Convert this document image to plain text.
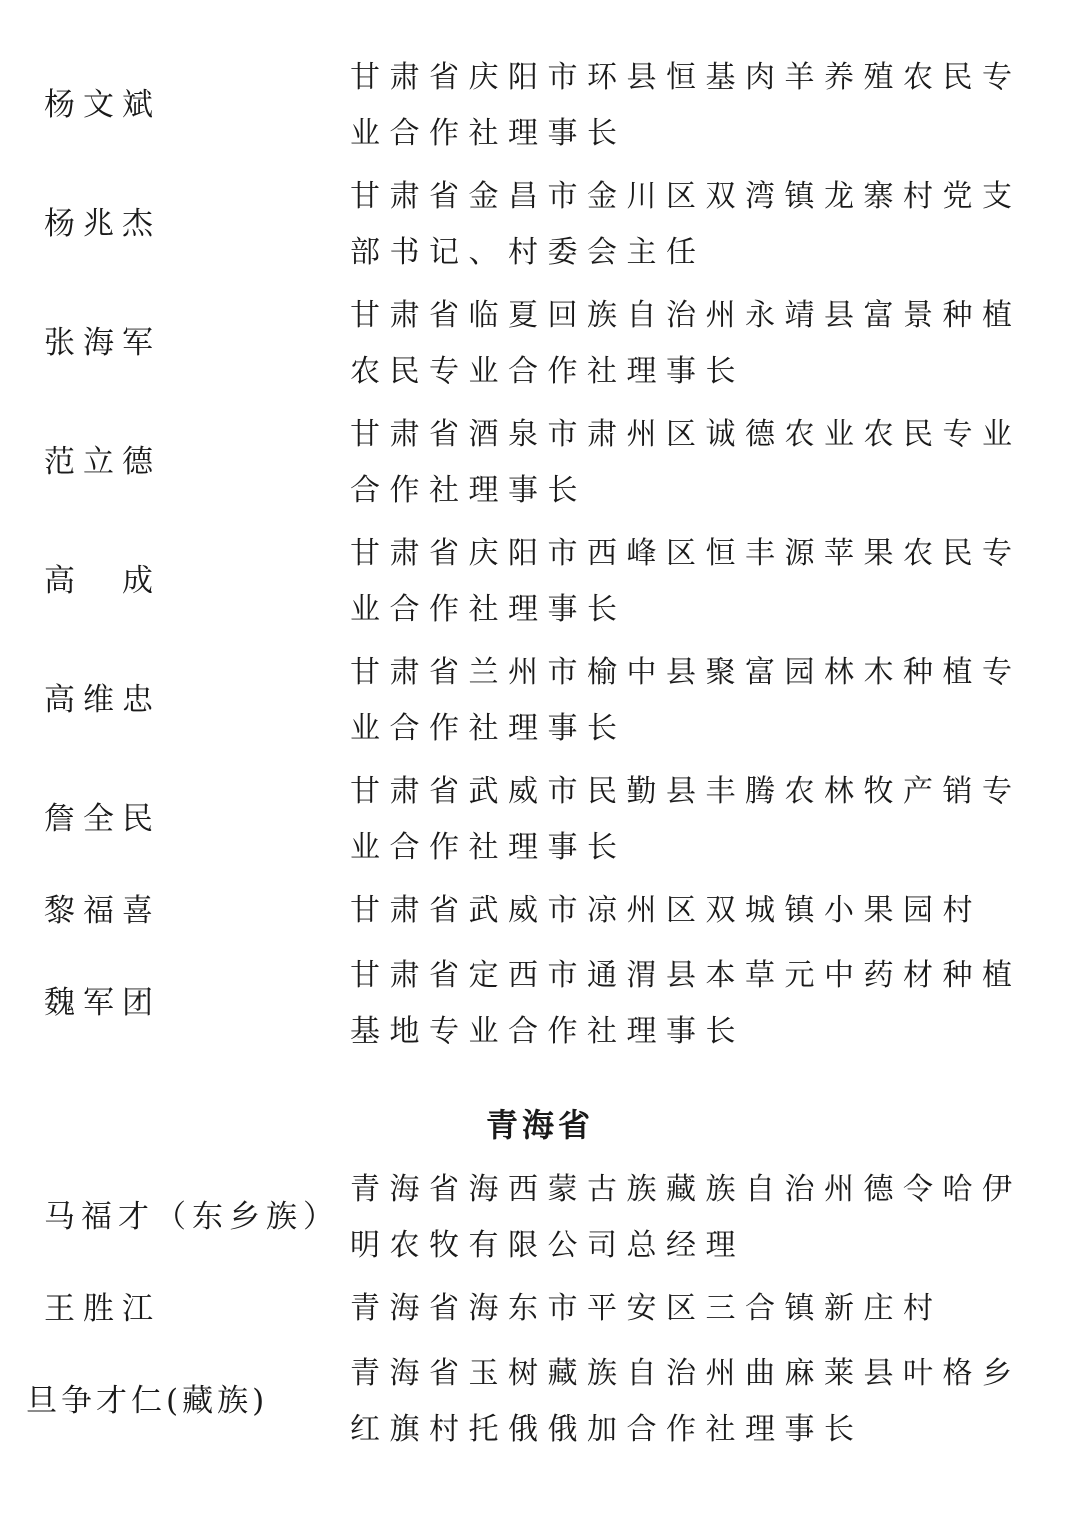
杨文斌
甘肃省庆阳市环县恒基肉羊养殖农民专业合作社理事长
杨兆杰
甘肃省金昌市金川区双湾镇龙寨村党支部书记、村委会主任
张海军
甘肃省临夏回族自治州永靖县富景种植农民专业合作社理事长
范立德
甘肃省酒泉市肃州区诚德农业农民专业合作社理事长
高　成
甘肃省庆阳市西峰区恒丰源苹果农民专业合作社理事长
高维忠
甘肃省兰州市榆中县聚富园林木种植专业合作社理事长
詹全民
甘肃省武威市民勤县丰腾农林牧产销专业合作社理事长
黎福喜	甘肃省武威市凉州区双城镇小果园村
魏军团
甘肃省定西市通渭县本草元中药材种植基地专业合作社理事长
青海省
马福才（东乡族）
青海省海西蒙古族藏族自治州德令哈伊明农牧有限公司总经理
王胜江	青海省海东市平安区三合镇新庄村
旦争才仁(藏族)
青海省玉树藏族自治州曲麻莱县叶格乡红旗村托俄俄加合作社理事长
